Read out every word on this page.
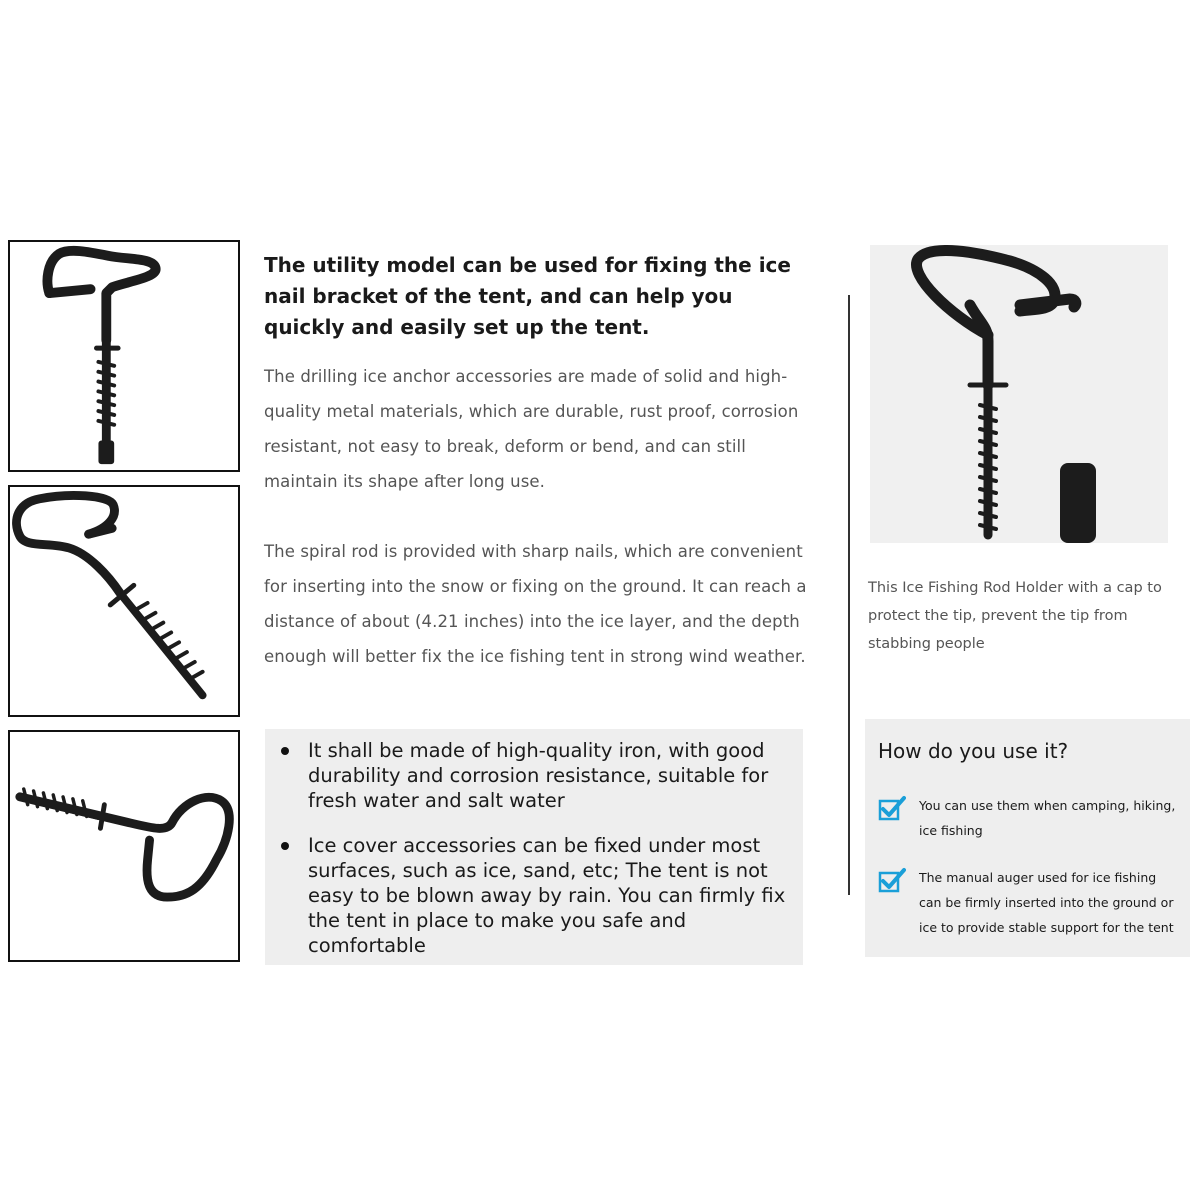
The utility model can be used for fixing the ice nail bracket of the tent, and can help you quickly and easily set up the tent.

The drilling ice anchor accessories are made of solid and high-quality metal materials, which are durable, rust proof, corrosion resistant, not easy to break, deform or bend, and can still maintain its shape after long use.

The spiral rod is provided with sharp nails, which are convenient for inserting into the snow or fixing on the ground. It can reach a distance of about (4.21 inches) into the ice layer, and the depth enough will better fix the ice fishing tent in strong wind weather.

It shall be made of high-quality iron, with good durability and corrosion resistance, suitable for fresh water and salt water
Ice cover accessories can be fixed under most surfaces, such as ice, sand, etc; The tent is not easy to be blown away by rain. You can firmly fix the tent in place to make you safe and comfortable

This Ice Fishing Rod Holder with a cap to protect the tip, prevent the tip from stabbing people

How do you use it?
You can use them when camping, hiking, ice fishing
The manual auger used for ice fishing can be firmly inserted into the ground or ice to provide stable support for the tent
